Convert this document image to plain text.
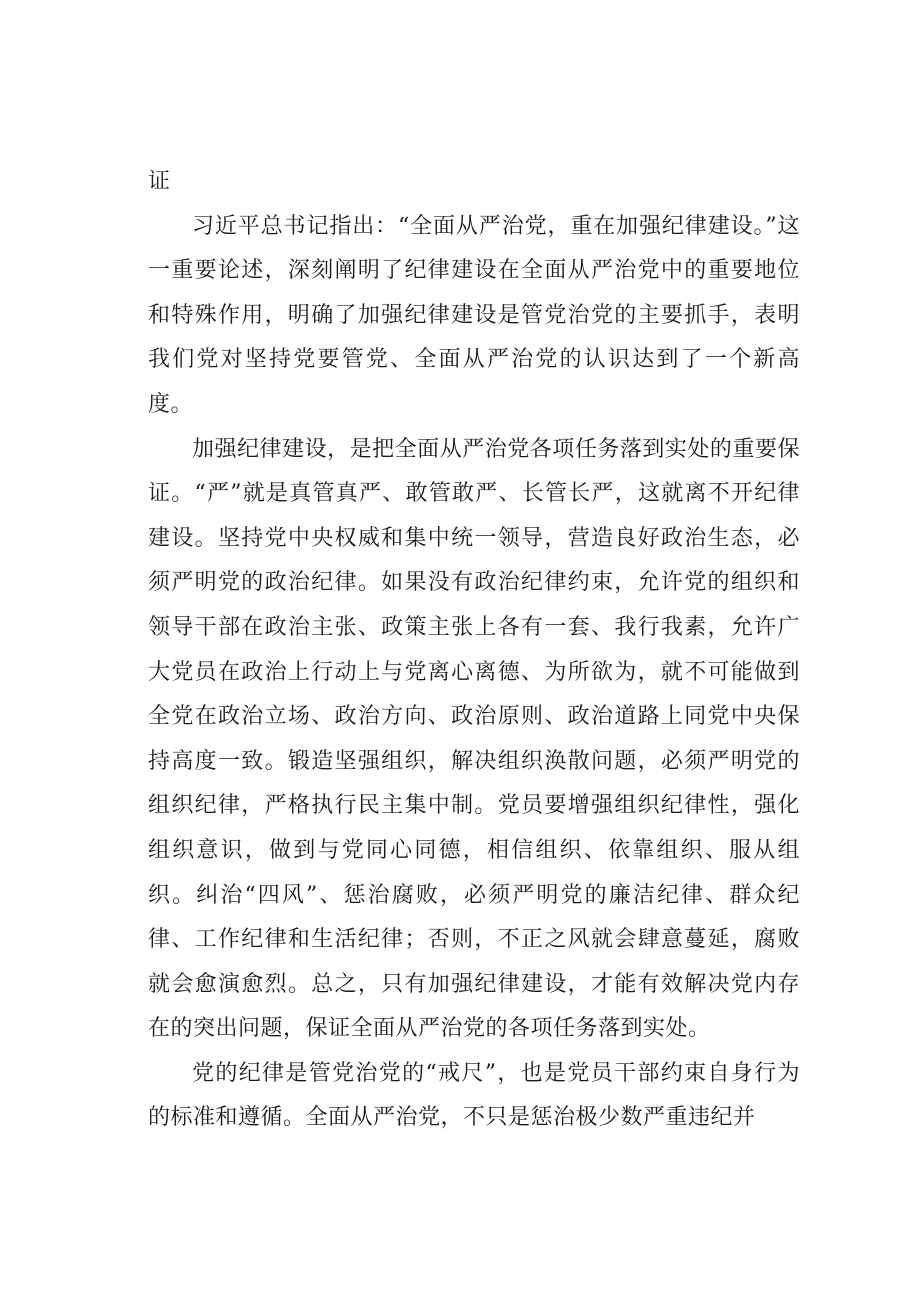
证

习近平总书记指出：“全面从严治党，重在加强纪律建设。”这一重要论述，深刻阐明了纪律建设在全面从严治党中的重要地位和特殊作用，明确了加强纪律建设是管党治党的主要抓手，表明我们党对坚持党要管党、全面从严治党的认识达到了一个新高度。

加强纪律建设，是把全面从严治党各项任务落到实处的重要保证。“严”就是真管真严、敢管敢严、长管长严，这就离不开纪律建设。坚持党中央权威和集中统一领导，营造良好政治生态，必须严明党的政治纪律。如果没有政治纪律约束，允许党的组织和领导干部在政治主张、政策主张上各有一套、我行我素，允许广大党员在政治上行动上与党离心离德、为所欲为，就不可能做到全党在政治立场、政治方向、政治原则、政治道路上同党中央保持高度一致。锻造坚强组织，解决组织涣散问题，必须严明党的组织纪律，严格执行民主集中制。党员要增强组织纪律性，强化组织意识，做到与党同心同德，相信组织、依靠组织、服从组织。纠治“四风”、惩治腐败，必须严明党的廉洁纪律、群众纪律、工作纪律和生活纪律；否则，不正之风就会肆意蔓延，腐败就会愈演愈烈。总之，只有加强纪律建设，才能有效解决党内存在的突出问题，保证全面从严治党的各项任务落到实处。

党的纪律是管党治党的“戒尺”，也是党员干部约束自身行为的标准和遵循。全面从严治党，不只是惩治极少数严重违纪并
